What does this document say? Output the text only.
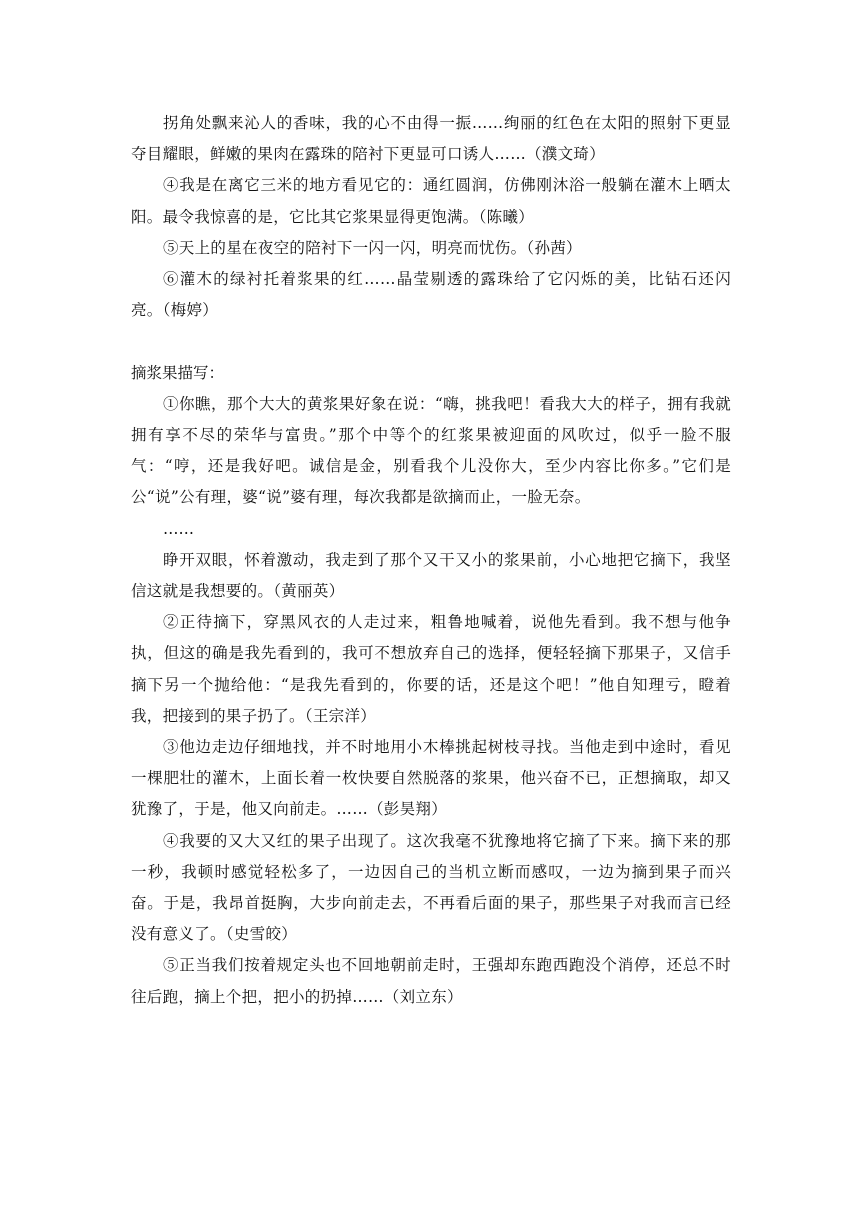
拐角处飘来沁人的香味，我的心不由得一振……绚丽的红色在太阳的照射下更显夺目耀眼，鲜嫩的果肉在露珠的陪衬下更显可口诱人……（濮文琦）

④我是在离它三米的地方看见它的：通红圆润，仿佛刚沐浴一般躺在灌木上晒太阳。最令我惊喜的是，它比其它浆果显得更饱满。（陈曦）

⑤天上的星在夜空的陪衬下一闪一闪，明亮而忧伤。（孙茜）

⑥灌木的绿衬托着浆果的红……晶莹剔透的露珠给了它闪烁的美，比钻石还闪亮。（梅婷）

摘浆果描写：

①你瞧，那个大大的黄浆果好象在说：“嗨，挑我吧！看我大大的样子，拥有我就拥有享不尽的荣华与富贵。”那个中等个的红浆果被迎面的风吹过，似乎一脸不服气：“哼，还是我好吧。诚信是金，别看我个儿没你大，至少内容比你多。”它们是公“说”公有理，婆“说”婆有理，每次我都是欲摘而止，一脸无奈。

……

睁开双眼，怀着激动，我走到了那个又干又小的浆果前，小心地把它摘下，我坚信这就是我想要的。（黄丽英）

②正待摘下，穿黑风衣的人走过来，粗鲁地喊着，说他先看到。我不想与他争执，但这的确是我先看到的，我可不想放弃自己的选择，便轻轻摘下那果子，又信手摘下另一个抛给他：“是我先看到的，你要的话，还是这个吧！”他自知理亏，瞪着我，把接到的果子扔了。（王宗洋）

③他边走边仔细地找，并不时地用小木棒挑起树枝寻找。当他走到中途时，看见一棵肥壮的灌木，上面长着一枚快要自然脱落的浆果，他兴奋不已，正想摘取，却又犹豫了，于是，他又向前走。……（彭昊翔）

④我要的又大又红的果子出现了。这次我毫不犹豫地将它摘了下来。摘下来的那一秒，我顿时感觉轻松多了，一边因自己的当机立断而感叹，一边为摘到果子而兴奋。于是，我昂首挺胸，大步向前走去，不再看后面的果子，那些果子对我而言已经没有意义了。（史雪皎）

⑤正当我们按着规定头也不回地朝前走时，王强却东跑西跑没个消停，还总不时往后跑，摘上个把，把小的扔掉……（刘立东）
